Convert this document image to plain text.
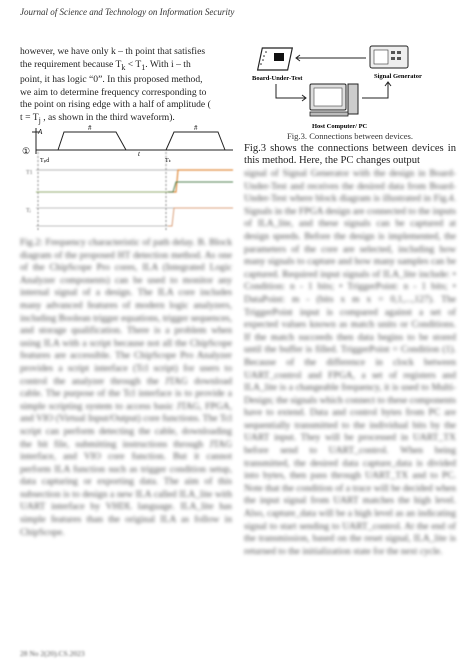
Journal of Science and Technology on Information Security

however, we have only k – th point that satisfies

the requirement because $T_k < T_1$. With i – th

point, it has logic “0”. In this proposed method,

we aim to determine frequency corresponding to

the point on rising edge with a half of amplitude (

$t = T_j$ , as shown in the third waveform).

①
A	#	#
t
Tₚd	Tₖ
T1
Tⱼ

Fig.2: Frequency characteristic of path delay. B. Block diagram of the proposed HT detection method. As one of the ChipScope Pro cores, ILA (Integrated Logic Analyzer components) can be used to monitor any internal signal of a design. The ILA core includes many advanced features of modern logic analyzers, including Boolean trigger equations, trigger sequences, and storage qualification. There is a problem when using ILA with a script because not all the ChipScope features are accessible. The ChipScope Pro Analyzer provides a script interface (Tcl script) for users to control the analyzer through the JTAG download cable. The purpose of the Tcl interface is to provide a simple scripting system to access basic JTAG, FPGA, and VIO (Virtual Input/Output) core functions. The Tcl script can perform detecting the cable, downloading the bit file, submitting instructions through JTAG interface, and VIO core function. But it cannot perform ILA function such as trigger condition setup, data capturing or exporting data. The aim of this subsection is to design a new ILA called ILA_lite with UART interface by VHDL language. ILA_lite has simple features than the original ILA as follow in ChipScope.

Board-Under-Test	Signal Generator
Host Computer/ PC
Fig.3. Connections between devices.

Fig.3 shows the connections between devices in this method. Here, the PC changes output

signal of Signal Generator with the design in Board-Under-Test and receives the desired data from Board-Under-Test where block diagram is illustrated in Fig.4. Signals in the FPGA design are connected to the inputs of ILA_lite, and these signals can be captured at design speeds. Before the design is implemented, the parameters of the core are selected, including how many signals to capture and how many samples can be captured. Required input signals of ILA_lite include: • Condition: n - 1 bits; • TriggerPoint: n - 1 bits; • DataPoint: m - (bits x m x = 0,1,...,127). The TriggerPoint input is compared against a set of expected values known as match units or Conditions. If the match succeeds then data begins to be stored until the buffer is filled. TriggerPoint = Condition (1). Because of the difference in clock between UART_control and FPGA, a set of registers and ILA_lite is a changeable frequency, it is used to Multi-Design; the signals which connect to these components have to extend. Data and control bytes from PC are sequentially transmitted to the individual bits by the UART input. They will be processed in UART_TX before send to UART_control. When being transmitted, the desired data capture_data is divided into bytes, then pass through UART_TX and to PC. Note that the condition of a trace will be decided when the input signal from UART matches the high level. Also, capture_data will be a high level as an indicating signal to start sending to UART_control. At the end of the transmission, based on the reset signal, ILA_lite is returned to the initialization state for the next cycle.

28 No 2(20).CS.2023
